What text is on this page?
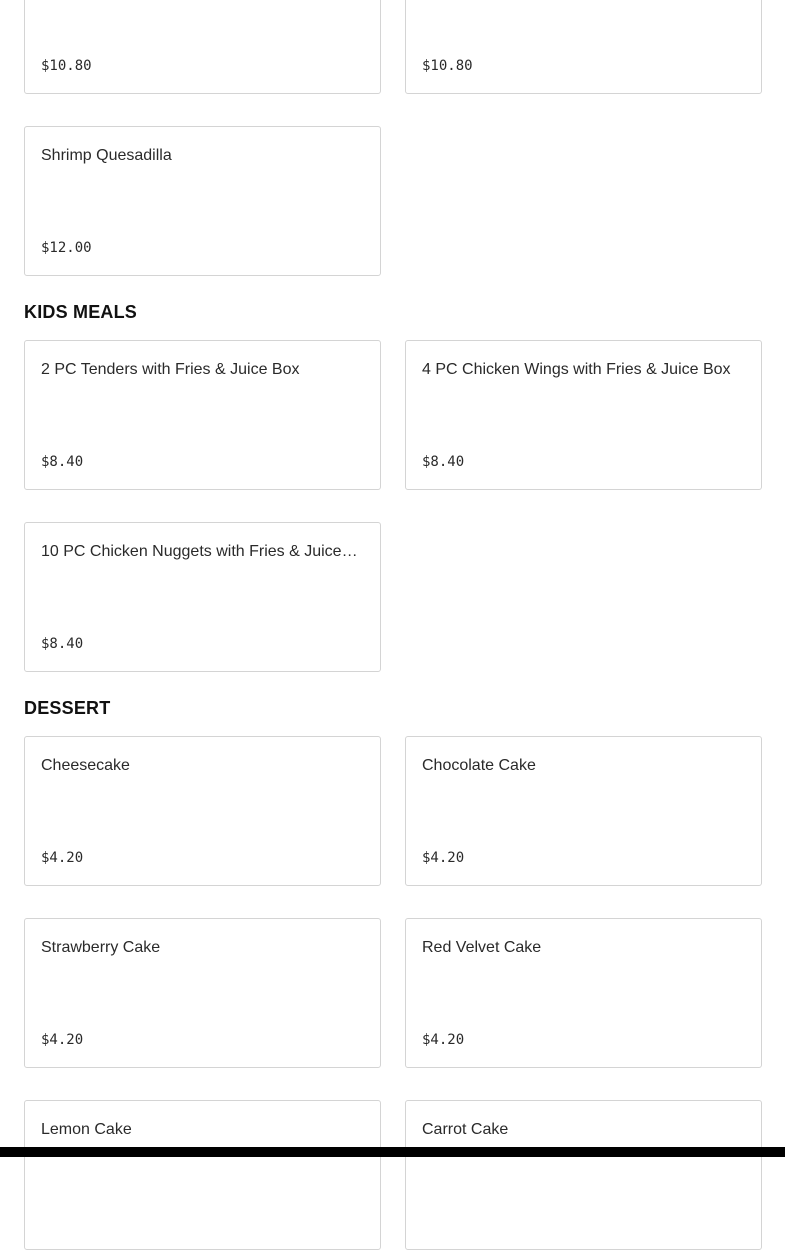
$10.80	$10.80
Shrimp Quesadilla
$12.00
KIDS MEALS
2 PC Tenders with Fries & Juice Box
$8.40
4 PC Chicken Wings with Fries & Juice Box
$8.40
10 PC Chicken Nuggets with Fries & Juice…
$8.40
DESSERT
Cheesecake
$4.20
Chocolate Cake
$4.20
Strawberry Cake
$4.20
Red Velvet Cake
$4.20
Lemon Cake	Carrot Cake
